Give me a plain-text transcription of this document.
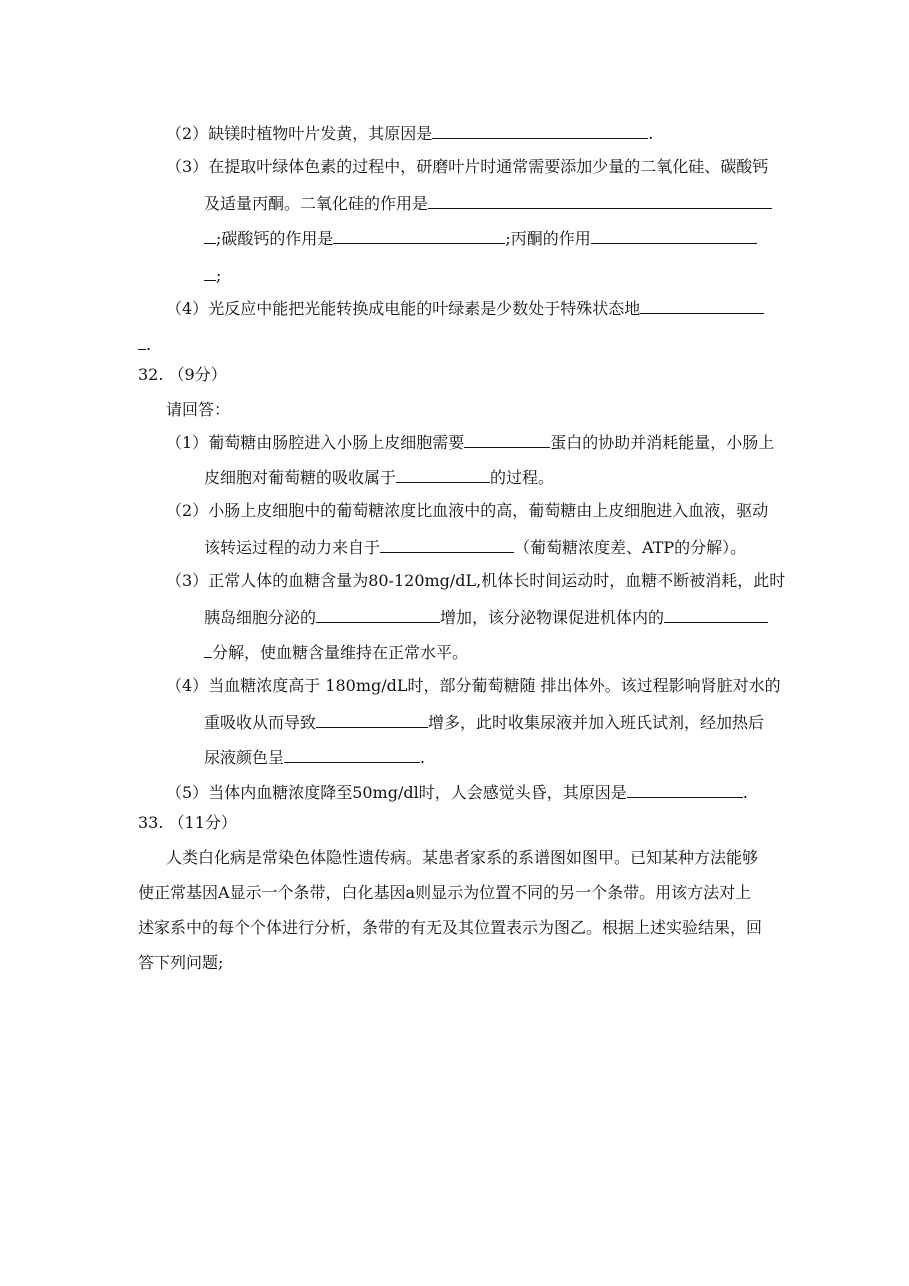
（2）缺镁时植物叶片发黄，其原因是	.
（3）在提取叶绿体色素的过程中，研磨叶片时通常需要添加少量的二氧化硅、碳酸钙
及适量丙酮。二氧化硅的作用是
;碳酸钙的作用是	;丙酮的作用
;
（4）光反应中能把光能转换成电能的叶绿素是少数处于特殊状态地
.
32. （9分）
请回答：
（1）葡萄糖由肠腔进入小肠上皮细胞需要	蛋白的协助并消耗能量，小肠上
皮细胞对葡萄糖的吸收属于	的过程。
（2）小肠上皮细胞中的葡萄糖浓度比血液中的高，葡萄糖由上皮细胞进入血液，驱动
该转运过程的动力来自于	（葡萄糖浓度差、ATP的分解）。
（3）正常人体的血糖含量为80-120mg/dL,机体长时间运动时，血糖不断被消耗，此时
胰岛细胞分泌的	增加，该分泌物课促进机体内的
分解，使血糖含量维持在正常水平。
（4）当血糖浓度高于 180mg/dL时，部分葡萄糖随 排出体外。该过程影响肾脏对水的
重吸收从而导致	增多，此时收集尿液并加入班氏试剂，经加热后
尿液颜色呈	.
（5）当体内血糖浓度降至50mg/dl时，人会感觉头昏，其原因是	.
33. （11分）
人类白化病是常染色体隐性遗传病。某患者家系的系谱图如图甲。已知某种方法能够
使正常基因A显示一个条带，白化基因a则显示为位置不同的另一个条带。用该方法对上
述家系中的每个个体进行分析，条带的有无及其位置表示为图乙。根据上述实验结果，回
答下列问题;
